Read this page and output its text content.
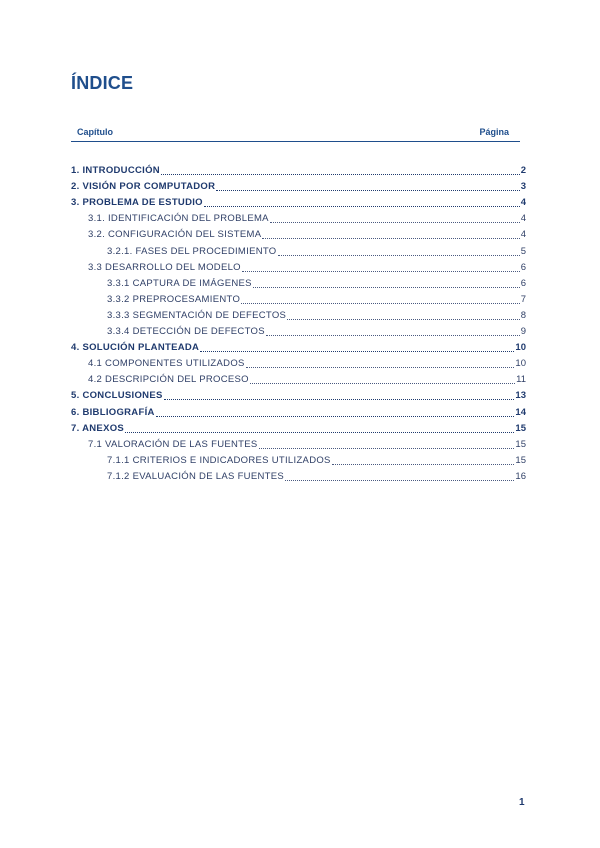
ÍNDICE
Capítulo	Página
1. INTRODUCCIÓN	2
2. VISIÓN POR COMPUTADOR	3
3. PROBLEMA DE ESTUDIO	4
3.1. IDENTIFICACIÓN DEL PROBLEMA	4
3.2. CONFIGURACIÓN DEL SISTEMA	4
3.2.1. FASES DEL PROCEDIMIENTO	5
3.3 DESARROLLO DEL MODELO	6
3.3.1 CAPTURA DE IMÁGENES	6
3.3.2 PREPROCESAMIENTO	7
3.3.3 SEGMENTACIÓN DE DEFECTOS	8
3.3.4 DETECCIÓN DE DEFECTOS	9
4. SOLUCIÓN PLANTEADA	10
4.1 COMPONENTES UTILIZADOS	10
4.2 DESCRIPCIÓN DEL PROCESO	11
5. CONCLUSIONES	13
6. BIBLIOGRAFÍA	14
7. ANEXOS	15
7.1 VALORACIÓN DE LAS FUENTES	15
7.1.1 CRITERIOS E INDICADORES UTILIZADOS	15
7.1.2 EVALUACIÓN DE LAS FUENTES	16
1
